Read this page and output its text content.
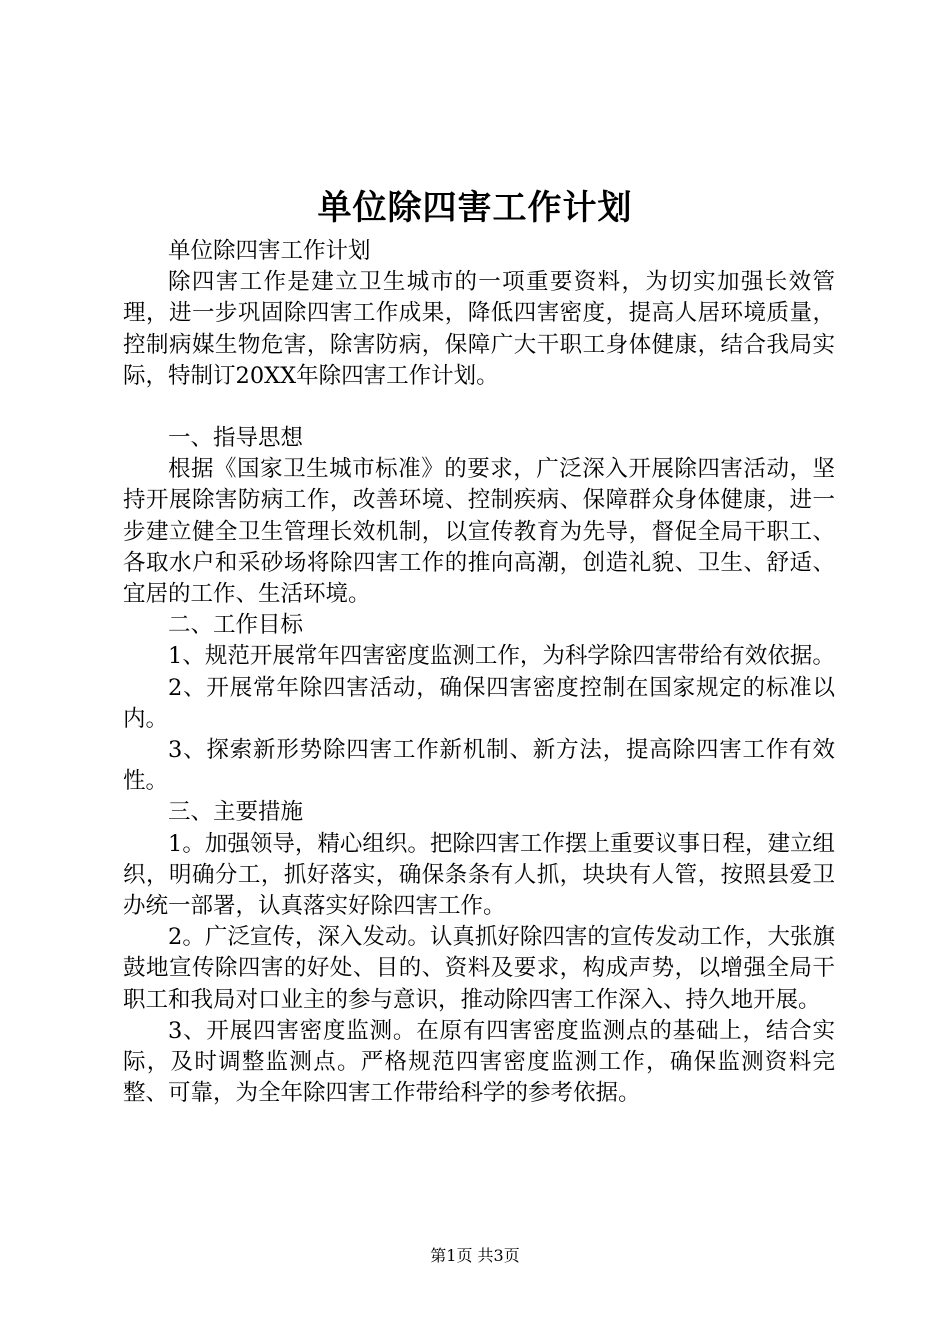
单位除四害工作计划

单位除四害工作计划

除四害工作是建立卫生城市的一项重要资料，为切实加强长效管理，进一步巩固除四害工作成果，降低四害密度，提高人居环境质量，控制病媒生物危害，除害防病，保障广大干职工身体健康，结合我局实际，特制订20XX年除四害工作计划。

一、指导思想

根据《国家卫生城市标准》的要求，广泛深入开展除四害活动，坚持开展除害防病工作，改善环境、控制疾病、保障群众身体健康，进一步建立健全卫生管理长效机制，以宣传教育为先导，督促全局干职工、各取水户和采砂场将除四害工作的推向高潮，创造礼貌、卫生、舒适、宜居的工作、生活环境。

二、工作目标

1、规范开展常年四害密度监测工作，为科学除四害带给有效依据。

2、开展常年除四害活动，确保四害密度控制在国家规定的标准以内。

3、探索新形势除四害工作新机制、新方法，提高除四害工作有效性。

三、主要措施

1。加强领导，精心组织。把除四害工作摆上重要议事日程，建立组织，明确分工，抓好落实，确保条条有人抓，块块有人管，按照县爱卫办统一部署，认真落实好除四害工作。

2。广泛宣传，深入发动。认真抓好除四害的宣传发动工作，大张旗鼓地宣传除四害的好处、目的、资料及要求，构成声势，以增强全局干职工和我局对口业主的参与意识，推动除四害工作深入、持久地开展。

3、开展四害密度监测。在原有四害密度监测点的基础上，结合实际，及时调整监测点。严格规范四害密度监测工作，确保监测资料完整、可靠，为全年除四害工作带给科学的参考依据。

第1页 共3页
